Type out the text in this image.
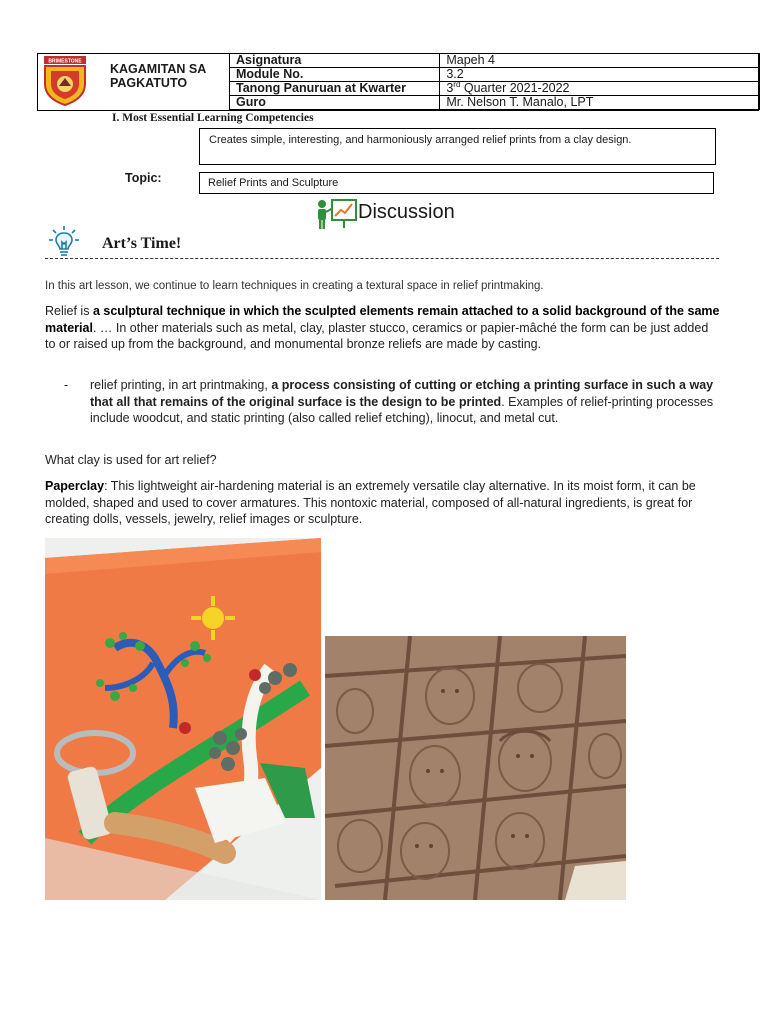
BRIMESTONE
KAGAMITAN SA PAGKATUTO
Asignatura	Mapeh 4
Module No.	3.2
Tanong Panuruan at Kwarter	3rd Quarter 2021-2022
Guro	Mr. Nelson T. Manalo, LPT
I. Most Essential Learning Competencies
Creates simple, interesting, and harmoniously arranged relief prints from a clay design.
Topic:	Relief Prints and Sculpture
Discussion
Art’s Time!
In this art lesson, we continue to learn techniques in creating a textural space in relief printmaking.
Relief is a sculptural technique in which the sculpted elements remain attached to a solid background of the same material. … In other materials such as metal, clay, plaster stucco, ceramics or papier-mâché the form can be just added to or raised up from the background, and monumental bronze reliefs are made by casting.
- relief printing, in art printmaking, a process consisting of cutting or etching a printing surface in such a way that all that remains of the original surface is the design to be printed. Examples of relief-printing processes include woodcut, and static printing (also called relief etching), linocut, and metal cut.
What clay is used for art relief?
Paperclay: This lightweight air-hardening material is an extremely versatile clay alternative. In its moist form, it can be molded, shaped and used to cover armatures. This nontoxic material, composed of all-natural ingredients, is great for creating dolls, vessels, jewelry, relief images or sculpture.
